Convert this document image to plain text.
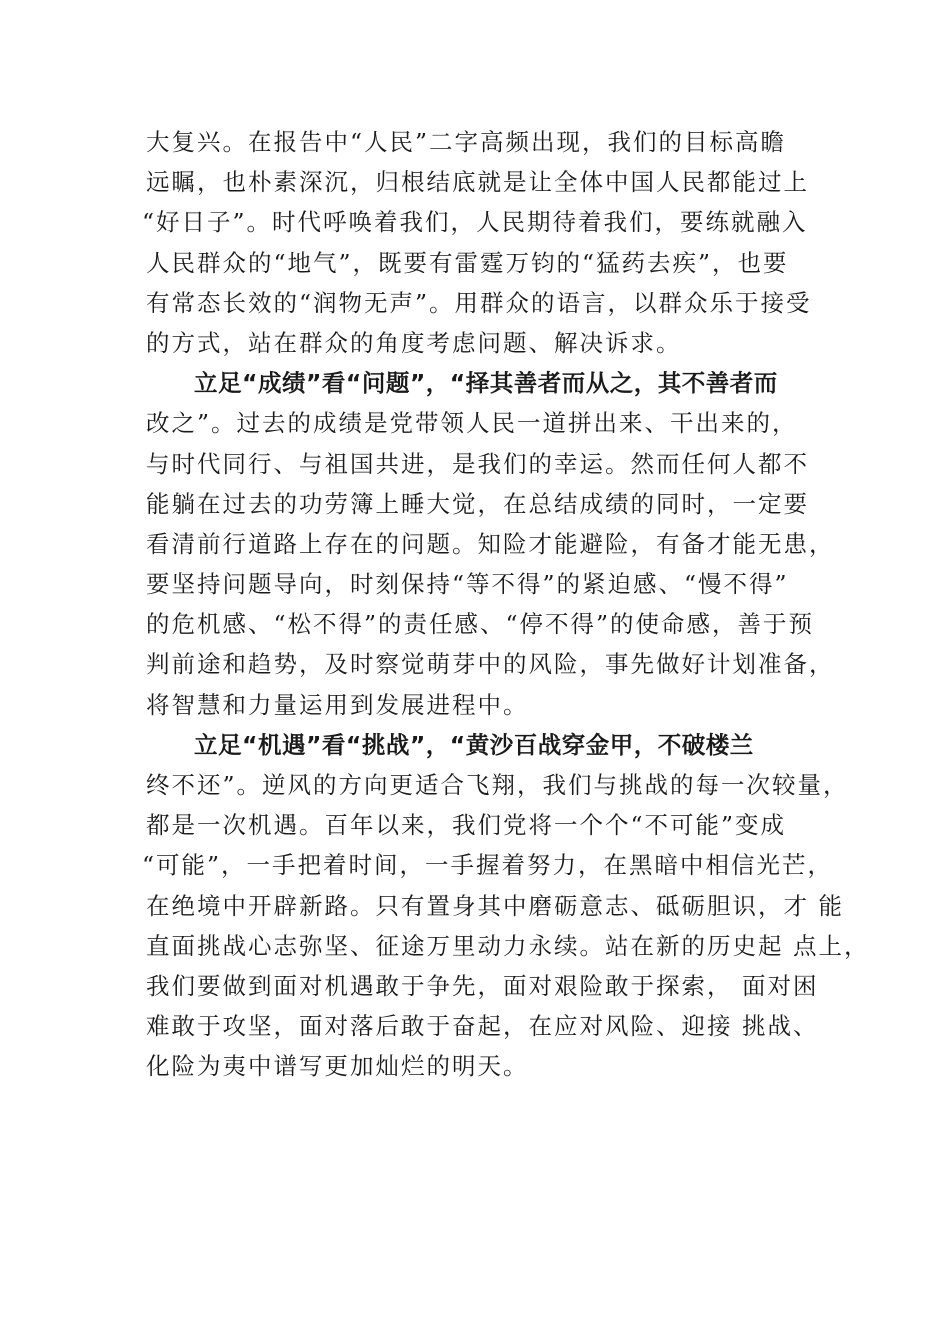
大复兴。在报告中“人民”二字高频出现，我们的目标高瞻
远瞩，也朴素深沉，归根结底就是让全体中国人民都能过上
“好日子”。时代呼唤着我们，人民期待着我们，要练就融入
人民群众的“地气”，既要有雷霆万钧的“猛药去疾”，也要
有常态长效的“润物无声”。用群众的语言，以群众乐于接受
的方式，站在群众的角度考虑问题、解决诉求。
立足“成绩”看“问题”，“择其善者而从之，其不善者而
改之”。过去的成绩是党带领人民一道拼出来、干出来的，
与时代同行、与祖国共进，是我们的幸运。然而任何人都不
能躺在过去的功劳簿上睡大觉，在总结成绩的同时，一定要
看清前行道路上存在的问题。知险才能避险，有备才能无患，
要坚持问题导向，时刻保持“等不得”的紧迫感、“慢不得”
的危机感、“松不得”的责任感、“停不得”的使命感，善于预
判前途和趋势，及时察觉萌芽中的风险，事先做好计划准备，
将智慧和力量运用到发展进程中。
立足“机遇”看“挑战”，“黄沙百战穿金甲，不破楼兰
终不还”。逆风的方向更适合飞翔，我们与挑战的每一次较量，
都是一次机遇。百年以来，我们党将一个个“不可能”变成
“可能”，一手把着时间，一手握着努力，在黑暗中相信光芒，
在绝境中开辟新路。只有置身其中磨砺意志、砥砺胆识，才 能
直面挑战心志弥坚、征途万里动力永续。站在新的历史起 点上，
我们要做到面对机遇敢于争先，面对艰险敢于探索， 面对困
难敢于攻坚，面对落后敢于奋起，在应对风险、迎接 挑战、
化险为夷中谱写更加灿烂的明天。
